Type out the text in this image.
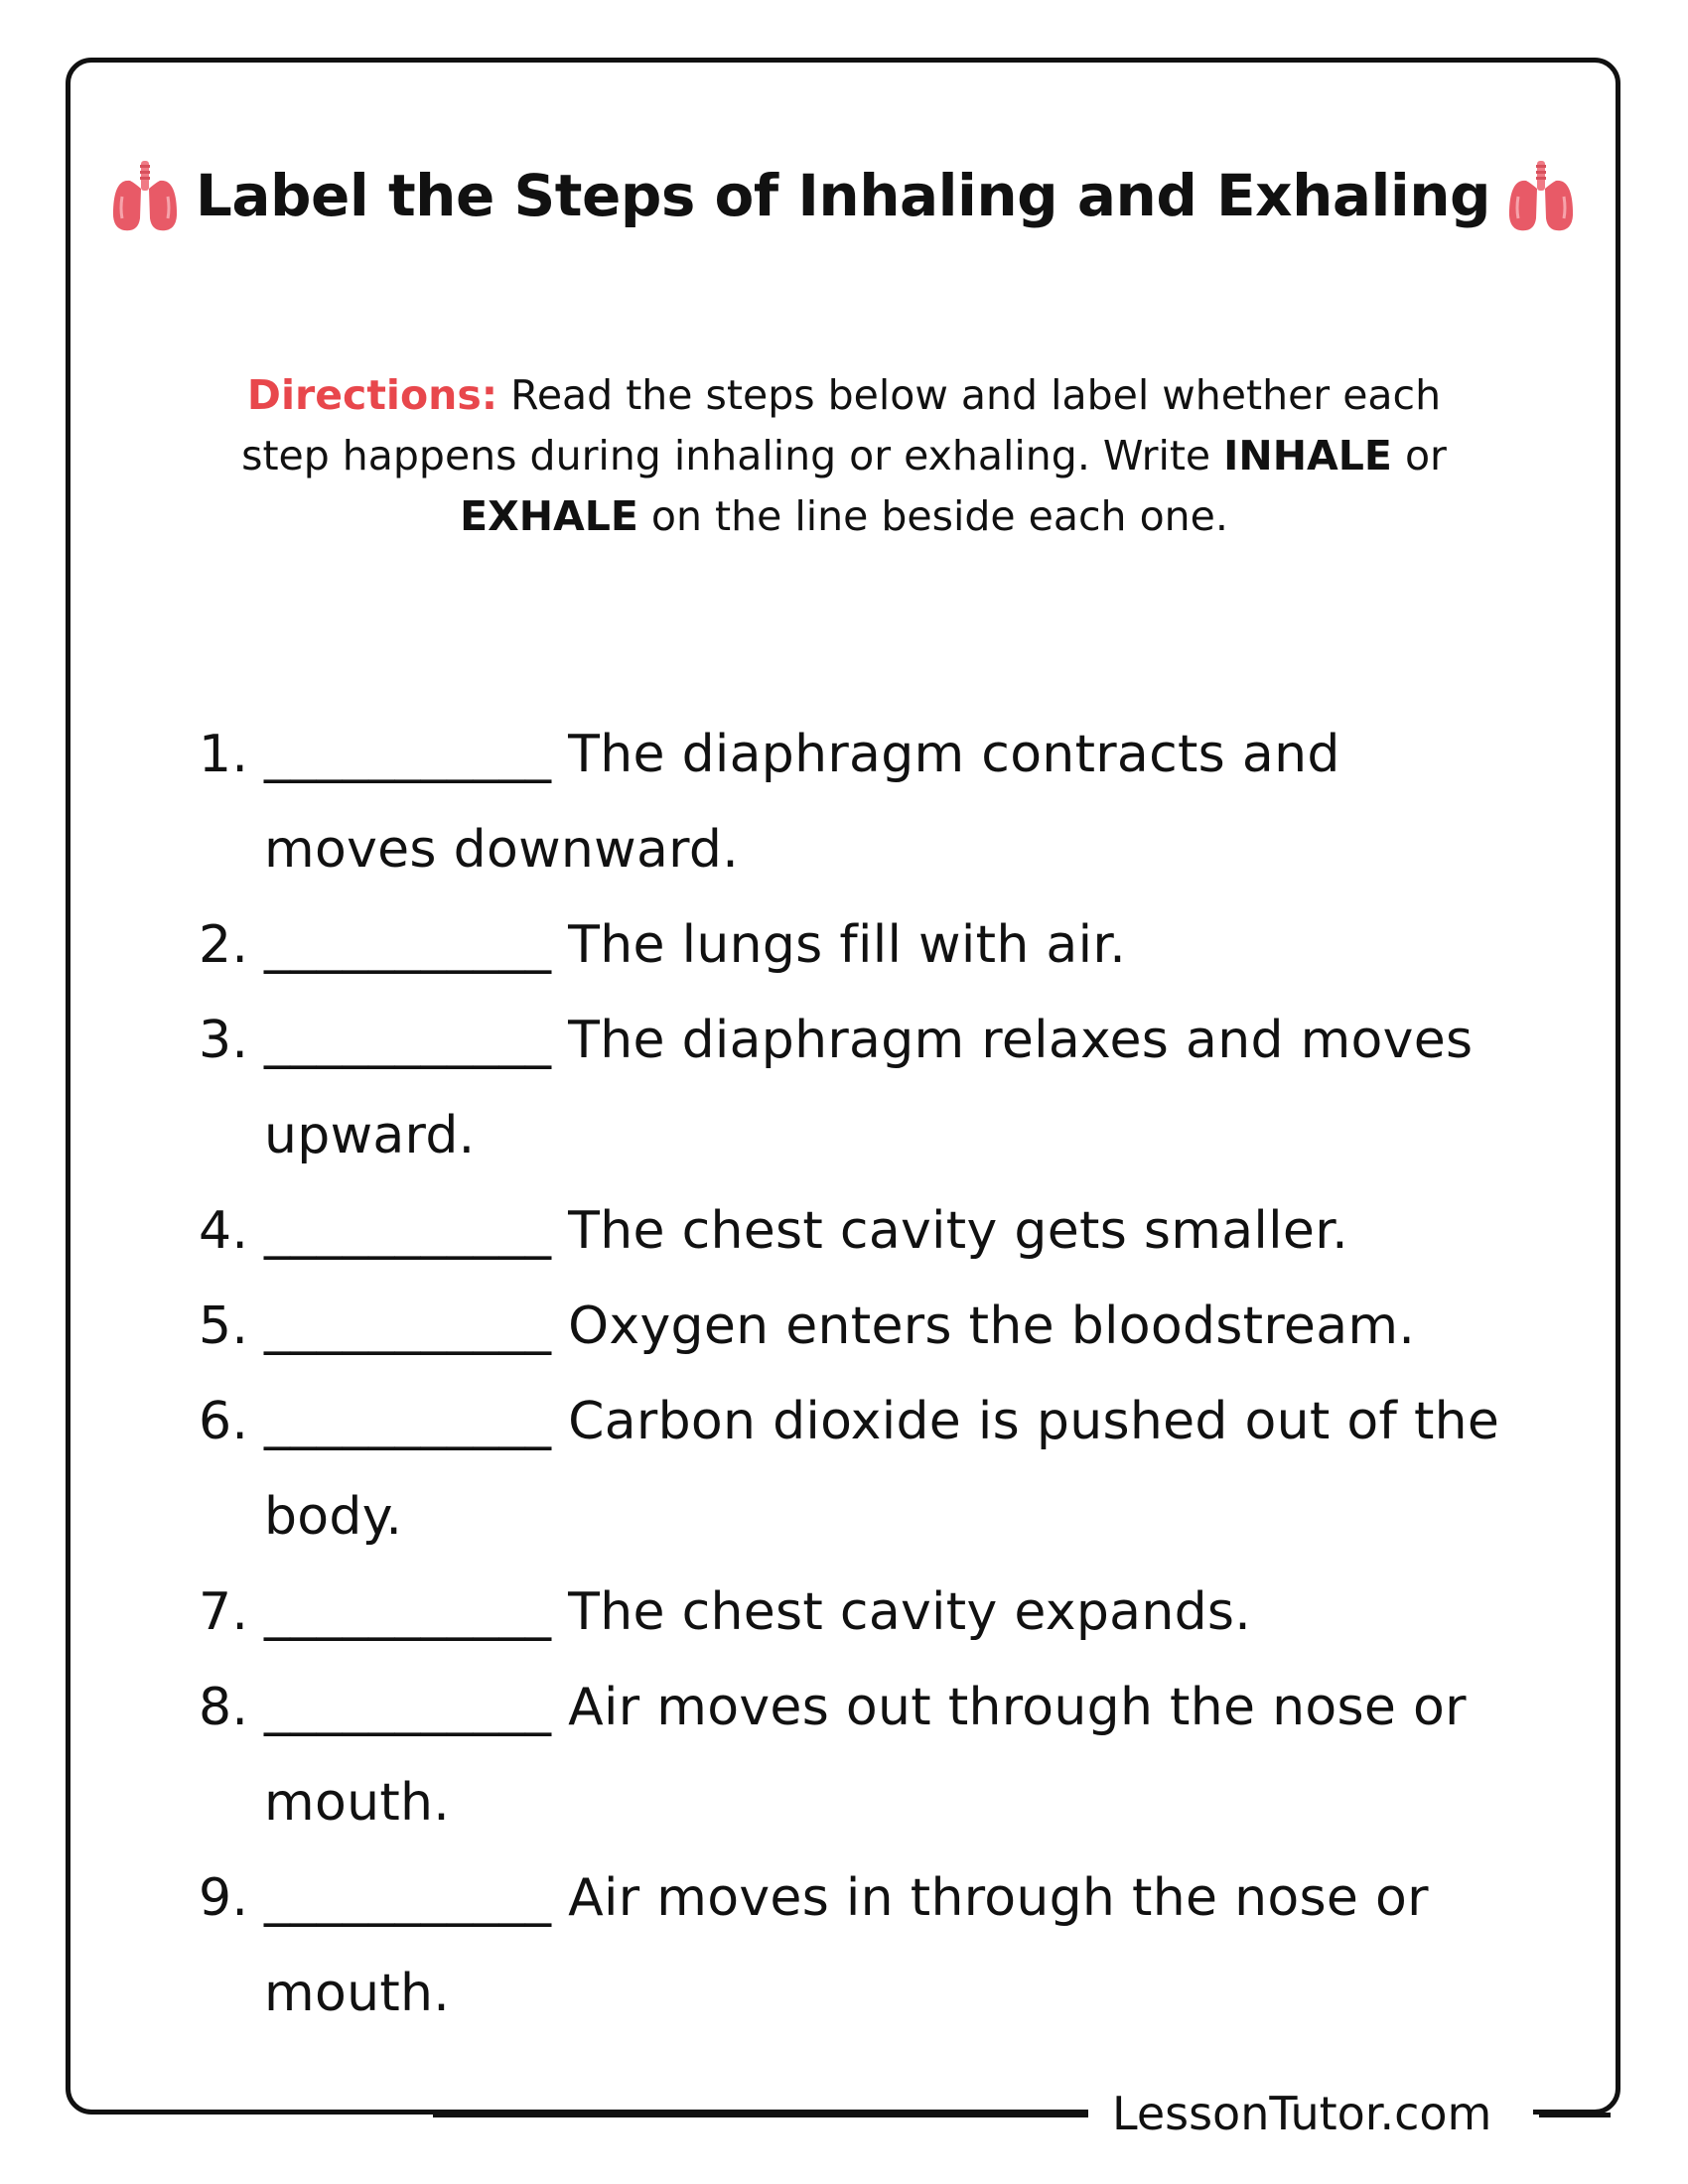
Label the Steps of Inhaling and Exhaling
Directions: Read the steps below and label whether each step happens during inhaling or exhaling. Write INHALE or EXHALE on the line beside each one.
1. ___________ The diaphragm contracts and moves downward.
2. ___________ The lungs fill with air.
3. ___________ The diaphragm relaxes and moves upward.
4. ___________ The chest cavity gets smaller.
5. ___________ Oxygen enters the bloodstream.
6. ___________ Carbon dioxide is pushed out of the body.
7. ___________ The chest cavity expands.
8. ___________ Air moves out through the nose or mouth.
9. ___________ Air moves in through the nose or mouth.
LessonTutor.com
